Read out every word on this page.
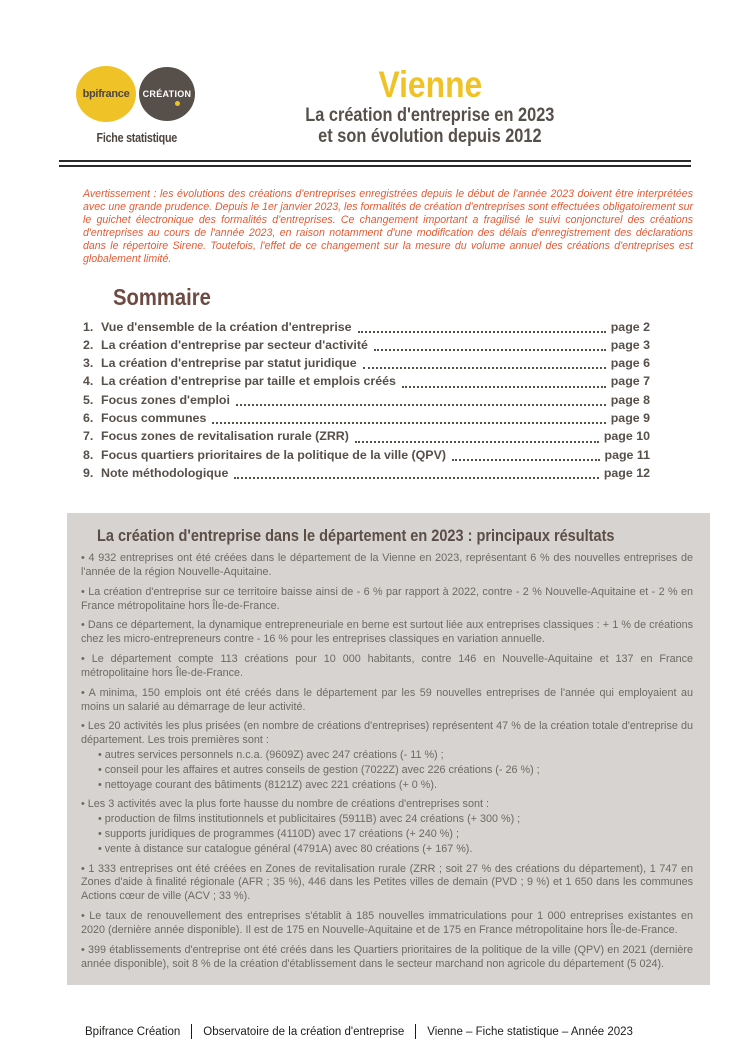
bpifrance CRÉATION
Fiche statistique
Vienne
La création d'entreprise en 2023
et son évolution depuis 2012

Avertissement : les évolutions des créations d'entreprises enregistrées depuis le début de l'année 2023 doivent être interprétées avec une grande prudence. Depuis le 1er janvier 2023, les formalités de création d'entreprises sont effectuées obligatoirement sur le guichet électronique des formalités d'entreprises. Ce changement important a fragilisé le suivi conjoncturel des créations d'entreprises au cours de l'année 2023, en raison notamment d'une modification des délais d'enregistrement des déclarations dans le répertoire Sirene. Toutefois, l'effet de ce changement sur la mesure du volume annuel des créations d'entreprises est globalement limité.

Sommaire
1. Vue d'ensemble de la création d'entreprise	page 2
2. La création d'entreprise par secteur d'activité	page 3
3. La création d'entreprise par statut juridique	page 6
4. La création d'entreprise par taille et emplois créés	page 7
5. Focus zones d'emploi	page 8
6. Focus communes	page 9
7. Focus zones de revitalisation rurale (ZRR)	page 10
8. Focus quartiers prioritaires de la politique de la ville (QPV)	page 11
9. Note méthodologique	page 12
La création d'entreprise dans le département en 2023 : principaux résultats

• 4 932 entreprises ont été créées dans le département de la Vienne en 2023, représentant 6 % des nouvelles entreprises de l'année de la région Nouvelle-Aquitaine.

• La création d'entreprise sur ce territoire baisse ainsi de - 6 % par rapport à 2022, contre - 2 % Nouvelle-Aquitaine et - 2 % en France métropolitaine hors Île-de-France.

• Dans ce département, la dynamique entrepreneuriale en berne est surtout liée aux entreprises classiques : + 1 % de créations chez les micro-entrepreneurs contre - 16 % pour les entreprises classiques en variation annuelle.

• Le département compte 113 créations pour 10 000 habitants, contre 146 en Nouvelle-Aquitaine et 137 en France métropolitaine hors Île-de-France.

• A minima, 150 emplois ont été créés dans le département par les 59 nouvelles entreprises de l'année qui employaient au moins un salarié au démarrage de leur activité.

• Les 20 activités les plus prisées (en nombre de créations d'entreprises) représentent 47 % de la création totale d'entreprise du département. Les trois premières sont :

• autres services personnels n.c.a. (9609Z) avec 247 créations (- 11 %) ;

• conseil pour les affaires et autres conseils de gestion (7022Z) avec 226 créations (- 26 %) ;

• nettoyage courant des bâtiments (8121Z) avec 221 créations (+ 0 %).

• Les 3 activités avec la plus forte hausse du nombre de créations d'entreprises sont :

• production de films institutionnels et publicitaires (5911B) avec 24 créations (+ 300 %) ;

• supports juridiques de programmes (4110D) avec 17 créations (+ 240 %) ;

• vente à distance sur catalogue général (4791A) avec 80 créations (+ 167 %).

• 1 333 entreprises ont été créées en Zones de revitalisation rurale (ZRR ; soit 27 % des créations du département), 1 747 en Zones d'aide à finalité régionale (AFR ; 35 %), 446 dans les Petites villes de demain (PVD ; 9 %) et 1 650 dans les communes Actions cœur de ville (ACV ; 33 %).

• Le taux de renouvellement des entreprises s'établit à 185 nouvelles immatriculations pour 1 000 entreprises existantes en 2020 (dernière année disponible). Il est de 175 en Nouvelle-Aquitaine et de 175 en France métropolitaine hors Île-de-France.

• 399 établissements d'entreprise ont été créés dans les Quartiers prioritaires de la politique de la ville (QPV) en 2021 (dernière année disponible), soit 8 % de la création d'établissement dans le secteur marchand non agricole du département (5 024).

Bpifrance Création Observatoire de la création d'entreprise Vienne – Fiche statistique – Année 2023
